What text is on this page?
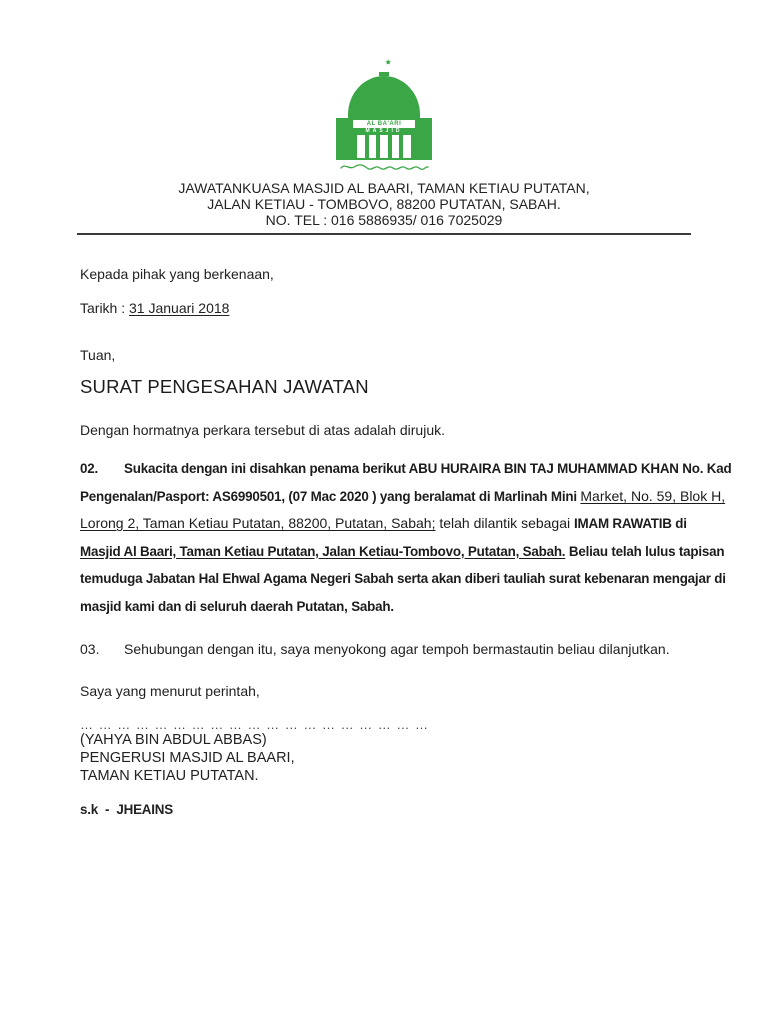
AL BA'ARI
MASJID
JAWATANKUASA MASJID AL BAARI, TAMAN KETIAU PUTATAN,
JALAN KETIAU - TOMBOVO, 88200 PUTATAN, SABAH.
NO. TEL : 016 5886935/ 016 7025029
Kepada pihak yang berkenaan,
Tarikh : 31 Januari 2018
Tuan,
SURAT PENGESAHAN JAWATAN
Dengan hormatnya perkara tersebut di atas adalah dirujuk.
02. Sukacita dengan ini disahkan penama berikut ABU HURAIRA BIN TAJ MUHAMMAD KHAN No. Kad
Pengenalan/Pasport: AS6990501, (07 Mac 2020 ) yang beralamat di Marlinah Mini Market, No. 59, Blok H,
Lorong 2, Taman Ketiau Putatan, 88200, Putatan, Sabah; telah dilantik sebagai IMAM RAWATIB di
Masjid Al Baari, Taman Ketiau Putatan, Jalan Ketiau-Tombovo, Putatan, Sabah. Beliau telah lulus tapisan
temuduga Jabatan Hal Ehwal Agama Negeri Sabah serta akan diberi tauliah surat kebenaran mengajar di
masjid kami dan di seluruh daerah Putatan, Sabah.
03. Sehubungan dengan itu, saya menyokong agar tempoh bermastautin beliau dilanjutkan.
Saya yang menurut perintah,
… … … … … … … … … … … … … … … … … … …
(YAHYA BIN ABDUL ABBAS)
PENGERUSI MASJID AL BAARI,
TAMAN KETIAU PUTATAN.
s.k  -  JHEAINS
